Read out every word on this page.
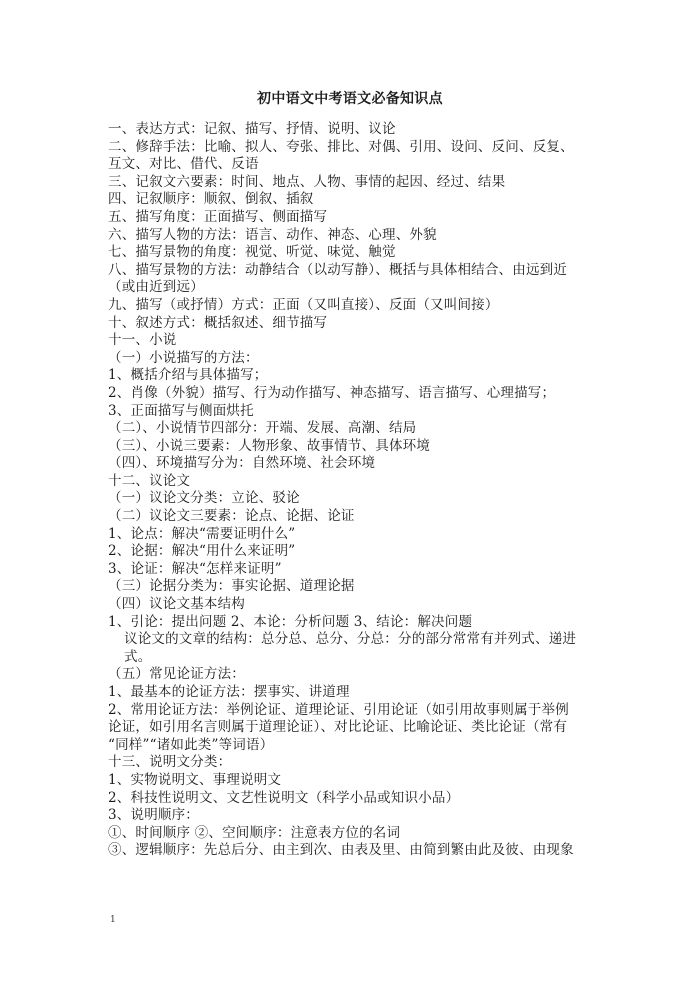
初中语文中考语文必备知识点
一、表达方式：记叙、描写、抒情、说明、议论
二、修辞手法：比喻、拟人、夸张、排比、对偶、引用、设问、反问、反复、
互文、对比、借代、反语
三、记叙文六要素：时间、地点、人物、事情的起因、经过、结果
四、记叙顺序：顺叙、倒叙、插叙
五、描写角度：正面描写、侧面描写
六、描写人物的方法：语言、动作、神态、心理、外貌
七、描写景物的角度：视觉、听觉、味觉、触觉
八、描写景物的方法：动静结合（以动写静）、概括与具体相结合、由远到近
（或由近到远）
九、描写（或抒情）方式：正面（又叫直接）、反面（又叫间接）
十、叙述方式：概括叙述、细节描写
十一、小说
（一）小说描写的方法：
1、概括介绍与具体描写；
2、肖像（外貌）描写、行为动作描写、神态描写、语言描写、心理描写；
3、正面描写与侧面烘托
（二）、小说情节四部分：开端、发展、高潮、结局
（三）、小说三要素：人物形象、故事情节、具体环境
（四）、环境描写分为：自然环境、社会环境
十二、议论文
（一）议论文分类：立论、驳论
（二）议论文三要素：论点、论据、论证
1、论点：解决“需要证明什么”
2、论据：解决“用什么来证明”
3、论证：解决“怎样来证明”
（三）论据分类为：事实论据、道理论据
（四）议论文基本结构
1、引论：提出问题 2、本论：分析问题 3、结论：解决问题
议论文的文章的结构：总分总、总分、分总：分的部分常常有并列式、递进
式。
（五）常见论证方法：
1、最基本的论证方法：摆事实、讲道理
2、常用论证方法：举例论证、道理论证、引用论证（如引用故事则属于举例
论证，如引用名言则属于道理论证）、对比论证、比喻论证、类比论证（常有
“同样”“诸如此类”等词语）
十三、说明文分类：
1、实物说明文、事理说明文
2、科技性说明文、文艺性说明文（科学小品或知识小品）
3、说明顺序：
①、时间顺序 ②、空间顺序：注意表方位的名词
③、逻辑顺序：先总后分、由主到次、由表及里、由简到繁由此及彼、由现象
1
